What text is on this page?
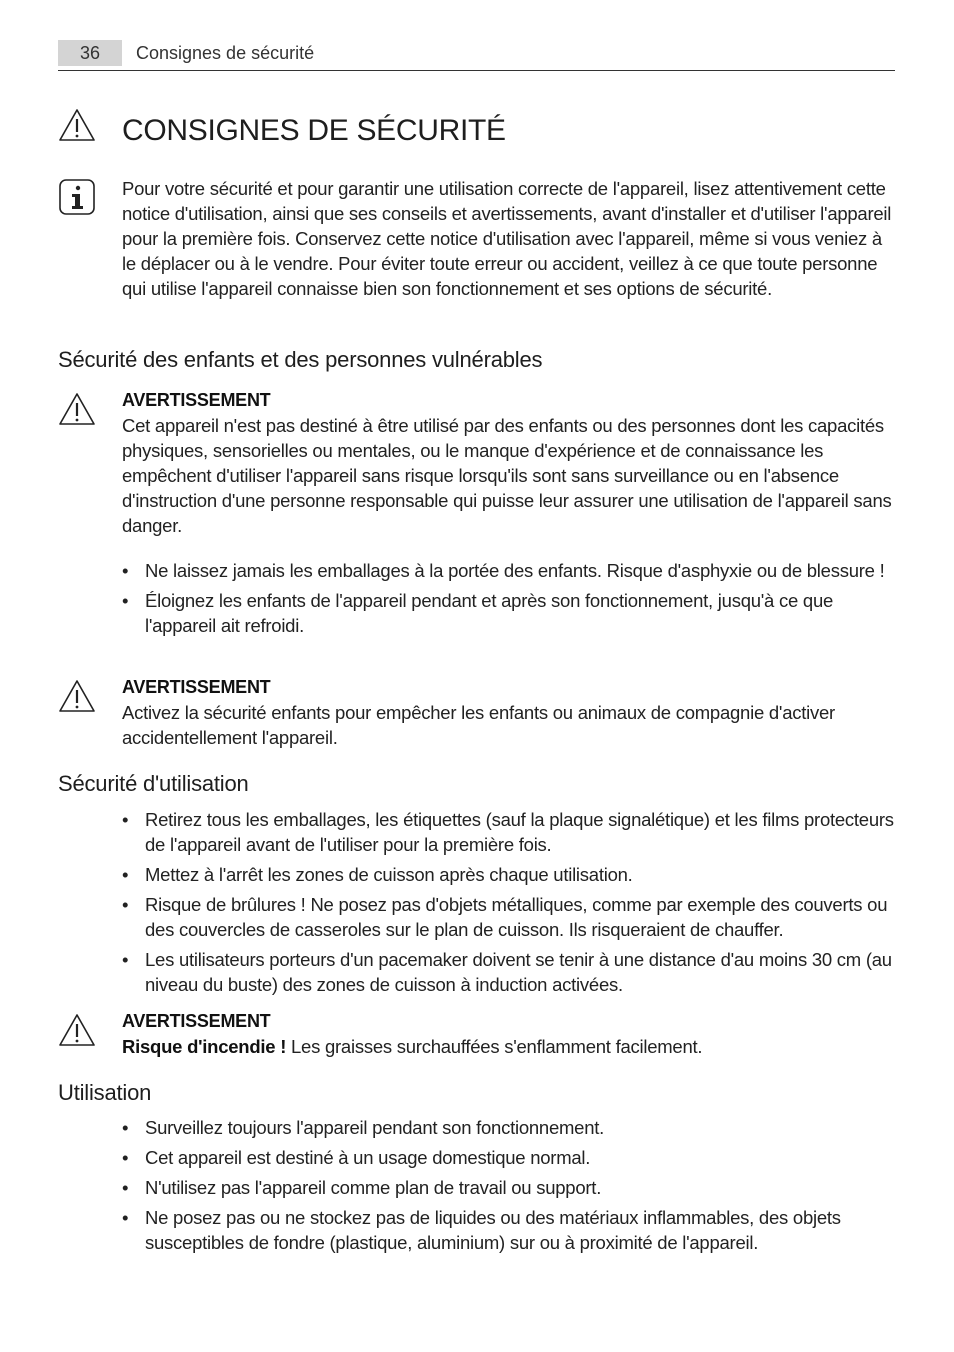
36	Consignes de sécurité
CONSIGNES DE SÉCURITÉ
Pour votre sécurité et pour garantir une utilisation correcte de l'appareil, lisez attentivement cette notice d'utilisation, ainsi que ses conseils et avertissements, avant d'installer et d'utiliser l'appareil pour la première fois. Conservez cette notice d'utilisation avec l'appareil, même si vous veniez à le déplacer ou à le vendre. Pour éviter toute erreur ou accident, veillez à ce que toute personne qui utilise l'appareil connaisse bien son fonctionnement et ses options de sécurité.
Sécurité des enfants et des personnes vulnérables
AVERTISSEMENT
Cet appareil n'est pas destiné à être utilisé par des enfants ou des personnes dont les capacités physiques, sensorielles ou mentales, ou le manque d'expérience et de connaissance les empêchent d'utiliser l'appareil sans risque lorsqu'ils sont sans surveillance ou en l'absence d'instruction d'une personne responsable qui puisse leur assurer une utilisation de l'appareil sans danger.
• Ne laissez jamais les emballages à la portée des enfants. Risque d'asphyxie ou de blessure !
• Éloignez les enfants de l'appareil pendant et après son fonctionnement, jusqu'à ce que l'appareil ait refroidi.
AVERTISSEMENT
Activez la sécurité enfants pour empêcher les enfants ou animaux de compagnie d'activer accidentellement l'appareil.
Sécurité d'utilisation
• Retirez tous les emballages, les étiquettes (sauf la plaque signalétique) et les films protecteurs de l'appareil avant de l'utiliser pour la première fois.
• Mettez à l'arrêt les zones de cuisson après chaque utilisation.
• Risque de brûlures ! Ne posez pas d'objets métalliques, comme par exemple des couverts ou des couvercles de casseroles sur le plan de cuisson. Ils risqueraient de chauffer.
• Les utilisateurs porteurs d'un pacemaker doivent se tenir à une distance d'au moins 30 cm (au niveau du buste) des zones de cuisson à induction activées.
AVERTISSEMENT
Risque d'incendie ! Les graisses surchauffées s'enflamment facilement.
Utilisation
• Surveillez toujours l'appareil pendant son fonctionnement.
• Cet appareil est destiné à un usage domestique normal.
• N'utilisez pas l'appareil comme plan de travail ou support.
• Ne posez pas ou ne stockez pas de liquides ou des matériaux inflammables, des objets susceptibles de fondre (plastique, aluminium) sur ou à proximité de l'appareil.
